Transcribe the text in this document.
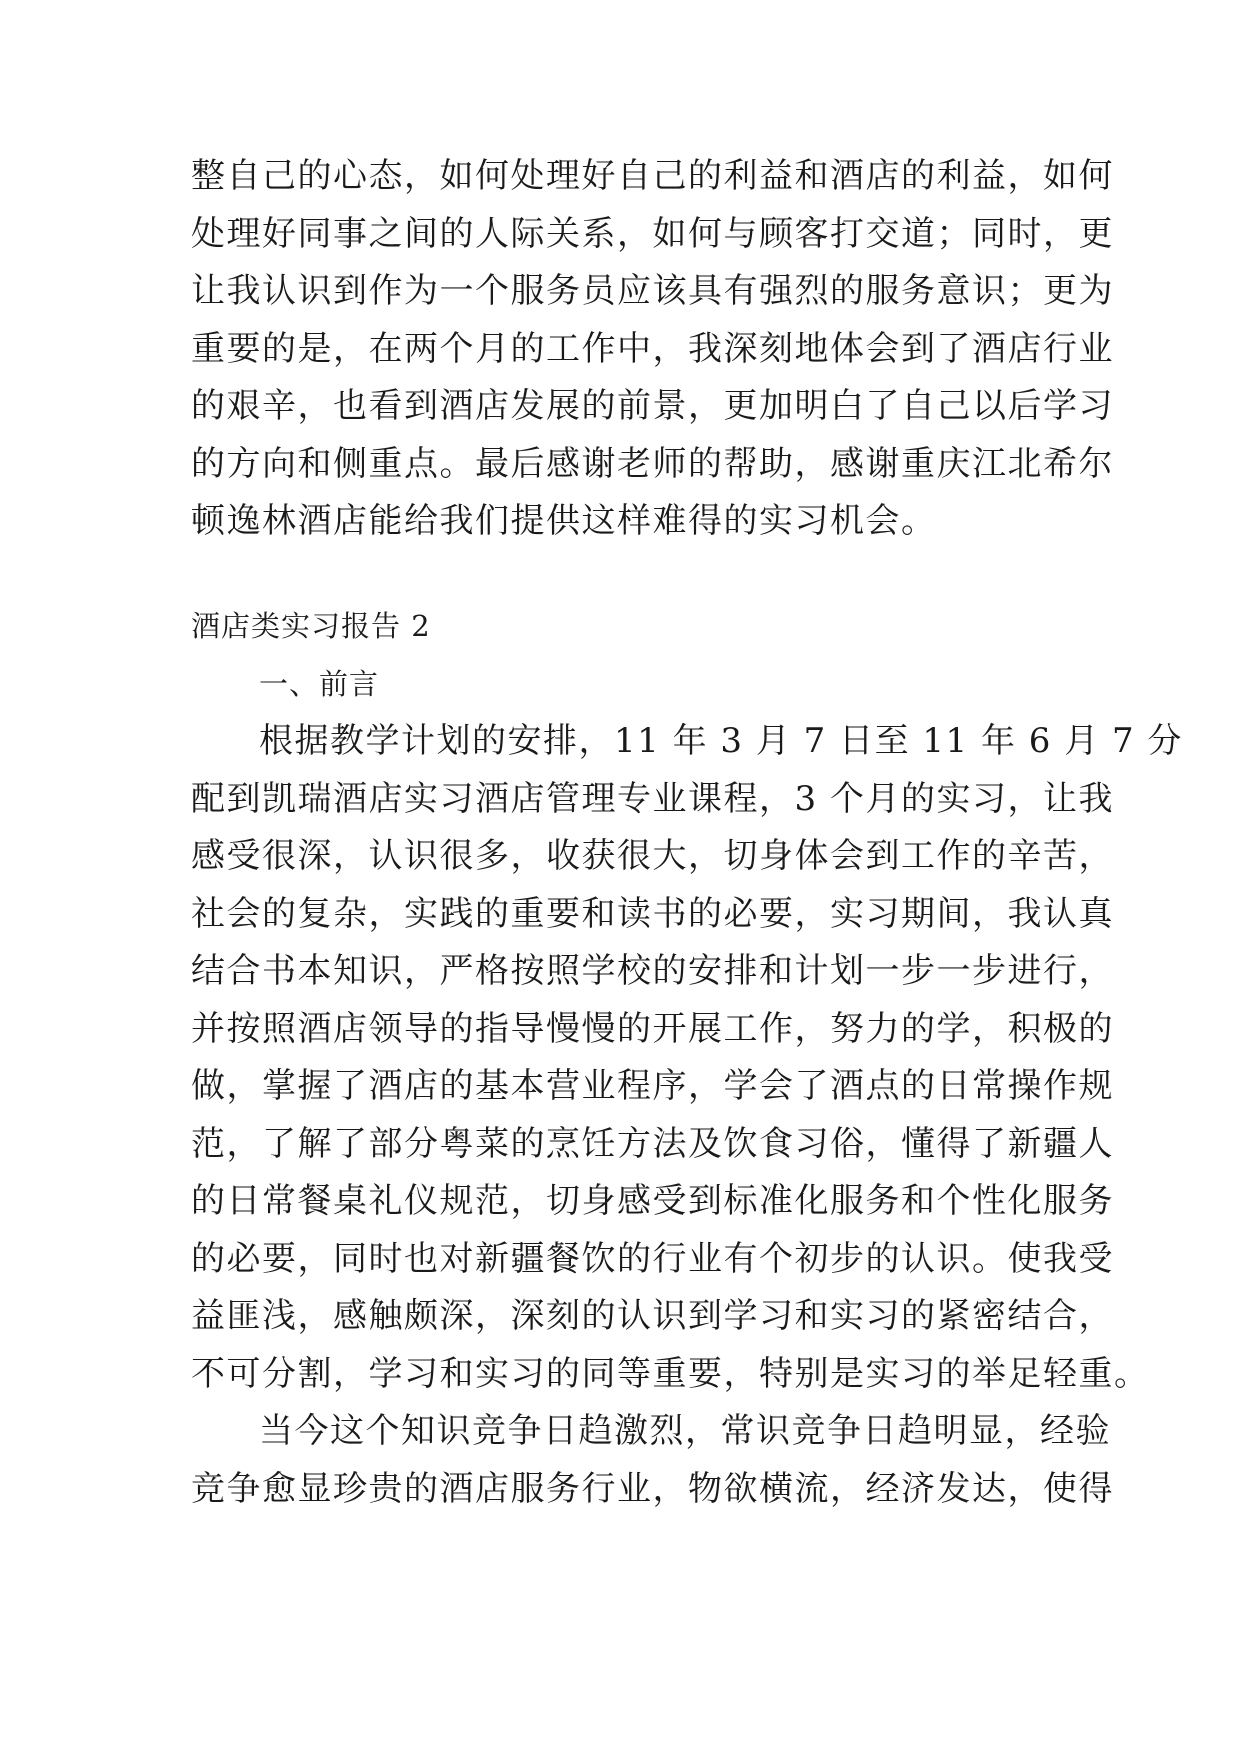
整自己的心态，如何处理好自己的利益和酒店的利益，如何
处理好同事之间的人际关系，如何与顾客打交道；同时，更
让我认识到作为一个服务员应该具有强烈的服务意识；更为
重要的是，在两个月的工作中，我深刻地体会到了酒店行业
的艰辛，也看到酒店发展的前景，更加明白了自己以后学习
的方向和侧重点。最后感谢老师的帮助，感谢重庆江北希尔
顿逸林酒店能给我们提供这样难得的实习机会。
酒店类实习报告 2
一、前言
根据教学计划的安排，11 年 3 月 7 日至 11 年 6 月 7 分
配到凯瑞酒店实习酒店管理专业课程，3 个月的实习，让我
感受很深，认识很多，收获很大，切身体会到工作的辛苦，
社会的复杂，实践的重要和读书的必要，实习期间，我认真
结合书本知识，严格按照学校的安排和计划一步一步进行，
并按照酒店领导的指导慢慢的开展工作，努力的学，积极的
做，掌握了酒店的基本营业程序，学会了酒点的日常操作规
范，了解了部分粤菜的烹饪方法及饮食习俗，懂得了新疆人
的日常餐桌礼仪规范，切身感受到标准化服务和个性化服务
的必要，同时也对新疆餐饮的行业有个初步的认识。使我受
益匪浅，感触颇深，深刻的认识到学习和实习的紧密结合，
不可分割，学习和实习的同等重要，特别是实习的举足轻重。
当今这个知识竞争日趋激烈，常识竞争日趋明显，经验
竞争愈显珍贵的酒店服务行业，物欲横流，经济发达，使得
